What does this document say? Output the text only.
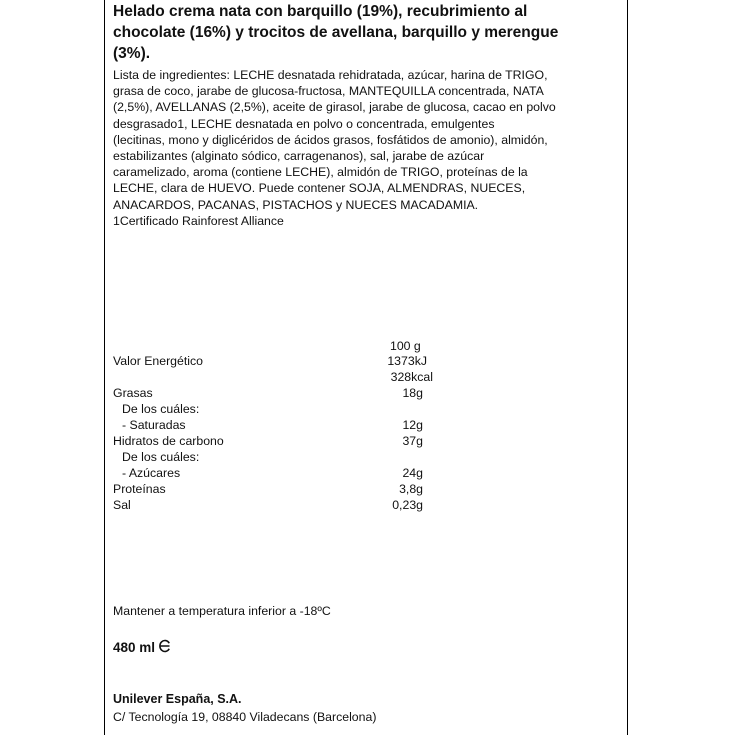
Helado crema nata con barquillo (19%), recubrimiento al
chocolate (16%) y trocitos de avellana, barquillo y merengue
(3%).
Lista de ingredientes: LECHE desnatada rehidratada, azúcar, harina de TRIGO,
grasa de coco, jarabe de glucosa-fructosa, MANTEQUILLA concentrada, NATA
(2,5%), AVELLANAS (2,5%), aceite de girasol, jarabe de glucosa, cacao en polvo
desgrasado1, LECHE desnatada en polvo o concentrada, emulgentes
(lecitinas, mono y diglicéridos de ácidos grasos, fosfátidos de amonio), almidón,
estabilizantes (alginato sódico, carragenanos), sal, jarabe de azúcar
caramelizado, aroma (contiene LECHE), almidón de TRIGO, proteínas de la
LECHE, clara de HUEVO. Puede contener SOJA, ALMENDRAS, NUECES,
ANACARDOS, PACANAS, PISTACHOS y NUECES MACADAMIA.
1Certificado Rainforest Alliance
100 g
Valor Energético	1373kJ
328kcal
Grasas	18g
De los cuáles:
- Saturadas	12g
Hidratos de carbono	37g
De los cuáles:
- Azúcares	24g
Proteínas	3,8g
Sal	0,23g
Mantener a temperatura inferior a -18ºC
480 ml
Unilever España, S.A.
C/ Tecnología 19, 08840 Viladecans (Barcelona)
